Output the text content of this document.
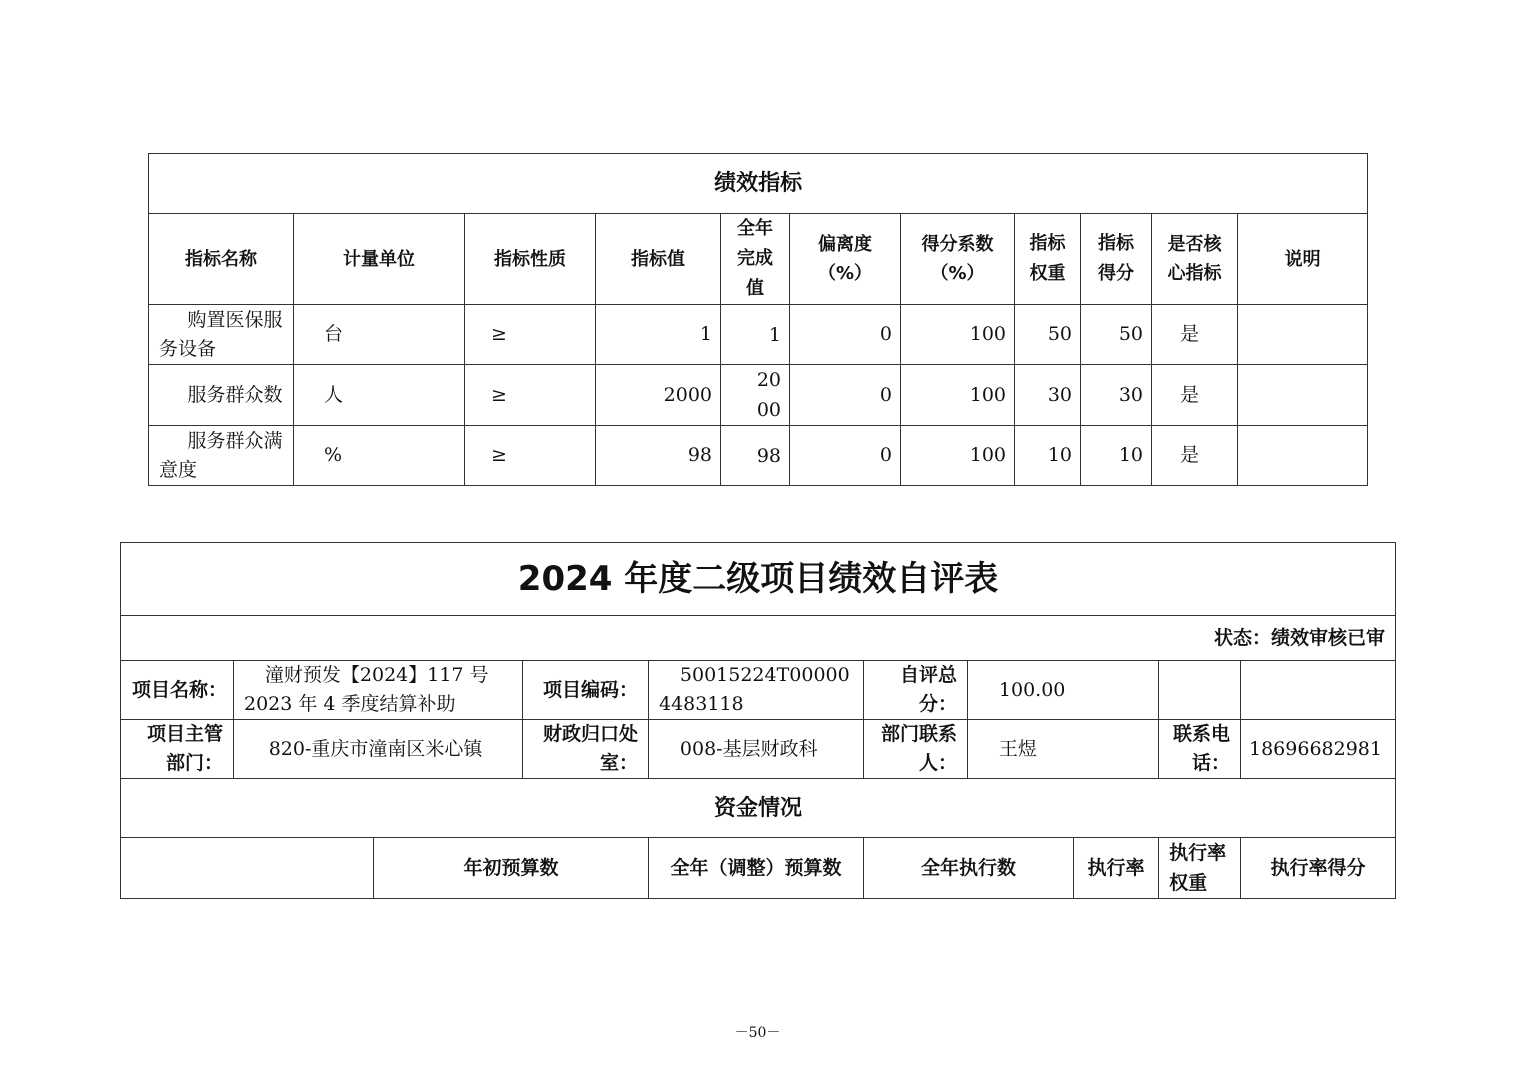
绩效指标										
指标名称	计量单位	指标性质	指标值	全年完成值	偏离度（%）	得分系数（%）	指标权重	指标得分	是否核心指标	说明

购置医保服务设备	台	≥	1	1	0	100	50	50	是	

服务群众数	人	≥	2000	2000	0	100	30	30	是	

服务群众满意度	%	≥	98	98	0	100	10	10	是	
2024 年度二级项目绩效自评表									
状态：绩效审核已审									
项目名称：	潼财预发【2024】117 号 2023 年 4 季度结算补助		项目编码：	50015224T000004483118	自评总分：	100.00			
项目主管部门：	820-重庆市潼南区米心镇		财政归口处室：	008-基层财政科	部门联系人：	王煜		联系电话：	18696682981
资金情况									
		年初预算数		全年（调整）预算数	全年执行数		执行率	执行率权重	执行率得分
－50－
